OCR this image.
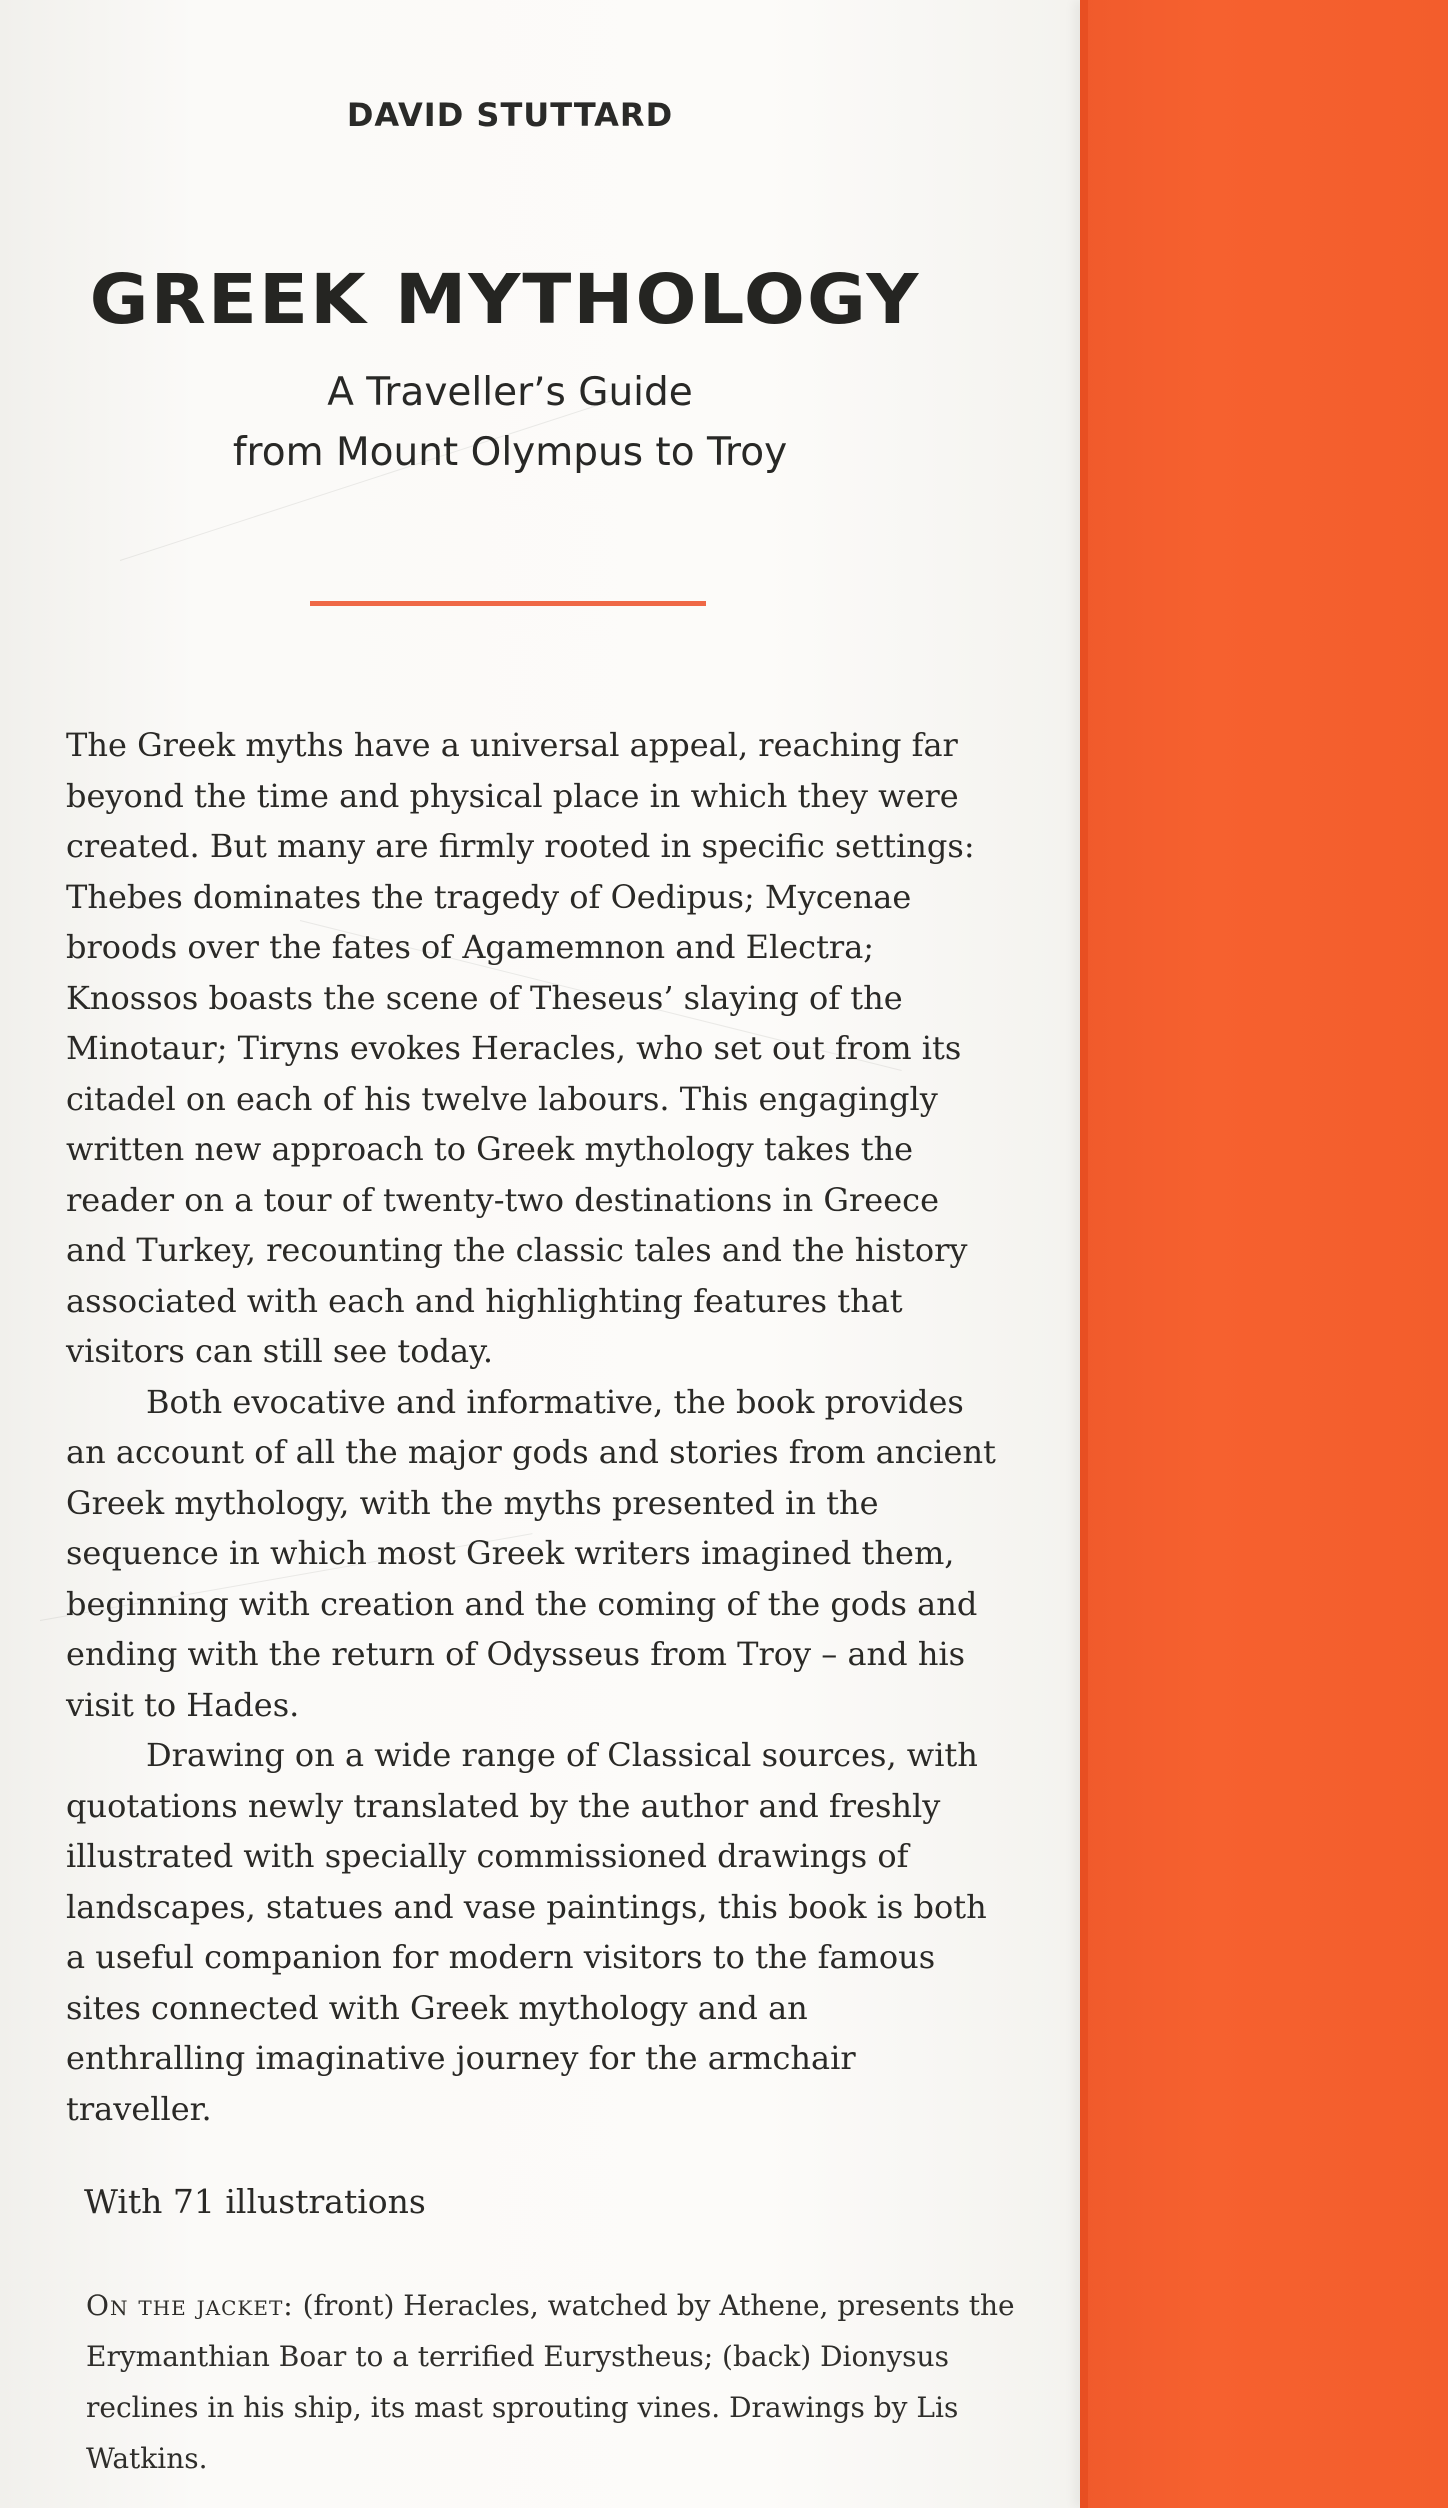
DAVID STUTTARD
GREEK MYTHOLOGY
A Traveller’s Guide
from Mount Olympus to Troy

The Greek myths have a universal appeal, reaching far beyond the time and physical place in which they were created. But many are firmly rooted in specific settings: Thebes dominates the tragedy of Oedipus; Mycenae broods over the fates of Agamemnon and Electra; Knossos boasts the scene of Theseus’ slaying of the Minotaur; Tiryns evokes Heracles, who set out from its citadel on each of his twelve labours. This engagingly written new approach to Greek mythology takes the reader on a tour of twenty-two destinations in Greece and Turkey, recounting the classic tales and the history associated with each and highlighting features that visitors can still see today.

Both evocative and informative, the book provides an account of all the major gods and stories from ancient Greek mythology, with the myths presented in the sequence in which most Greek writers imagined them, beginning with creation and the coming of the gods and ending with the return of Odysseus from Troy – and his visit to Hades.

Drawing on a wide range of Classical sources, with quotations newly translated by the author and freshly illustrated with specially commissioned drawings of landscapes, statues and vase paintings, this book is both a useful companion for modern visitors to the famous sites connected with Greek mythology and an enthralling imaginative journey for the armchair traveller.

With 71 illustrations
On the jacket: (front) Heracles, watched by Athene, presents the Erymanthian Boar to a terrified Eurystheus; (back) Dionysus reclines in his ship, its mast sprouting vines. Drawings by Lis Watkins.
